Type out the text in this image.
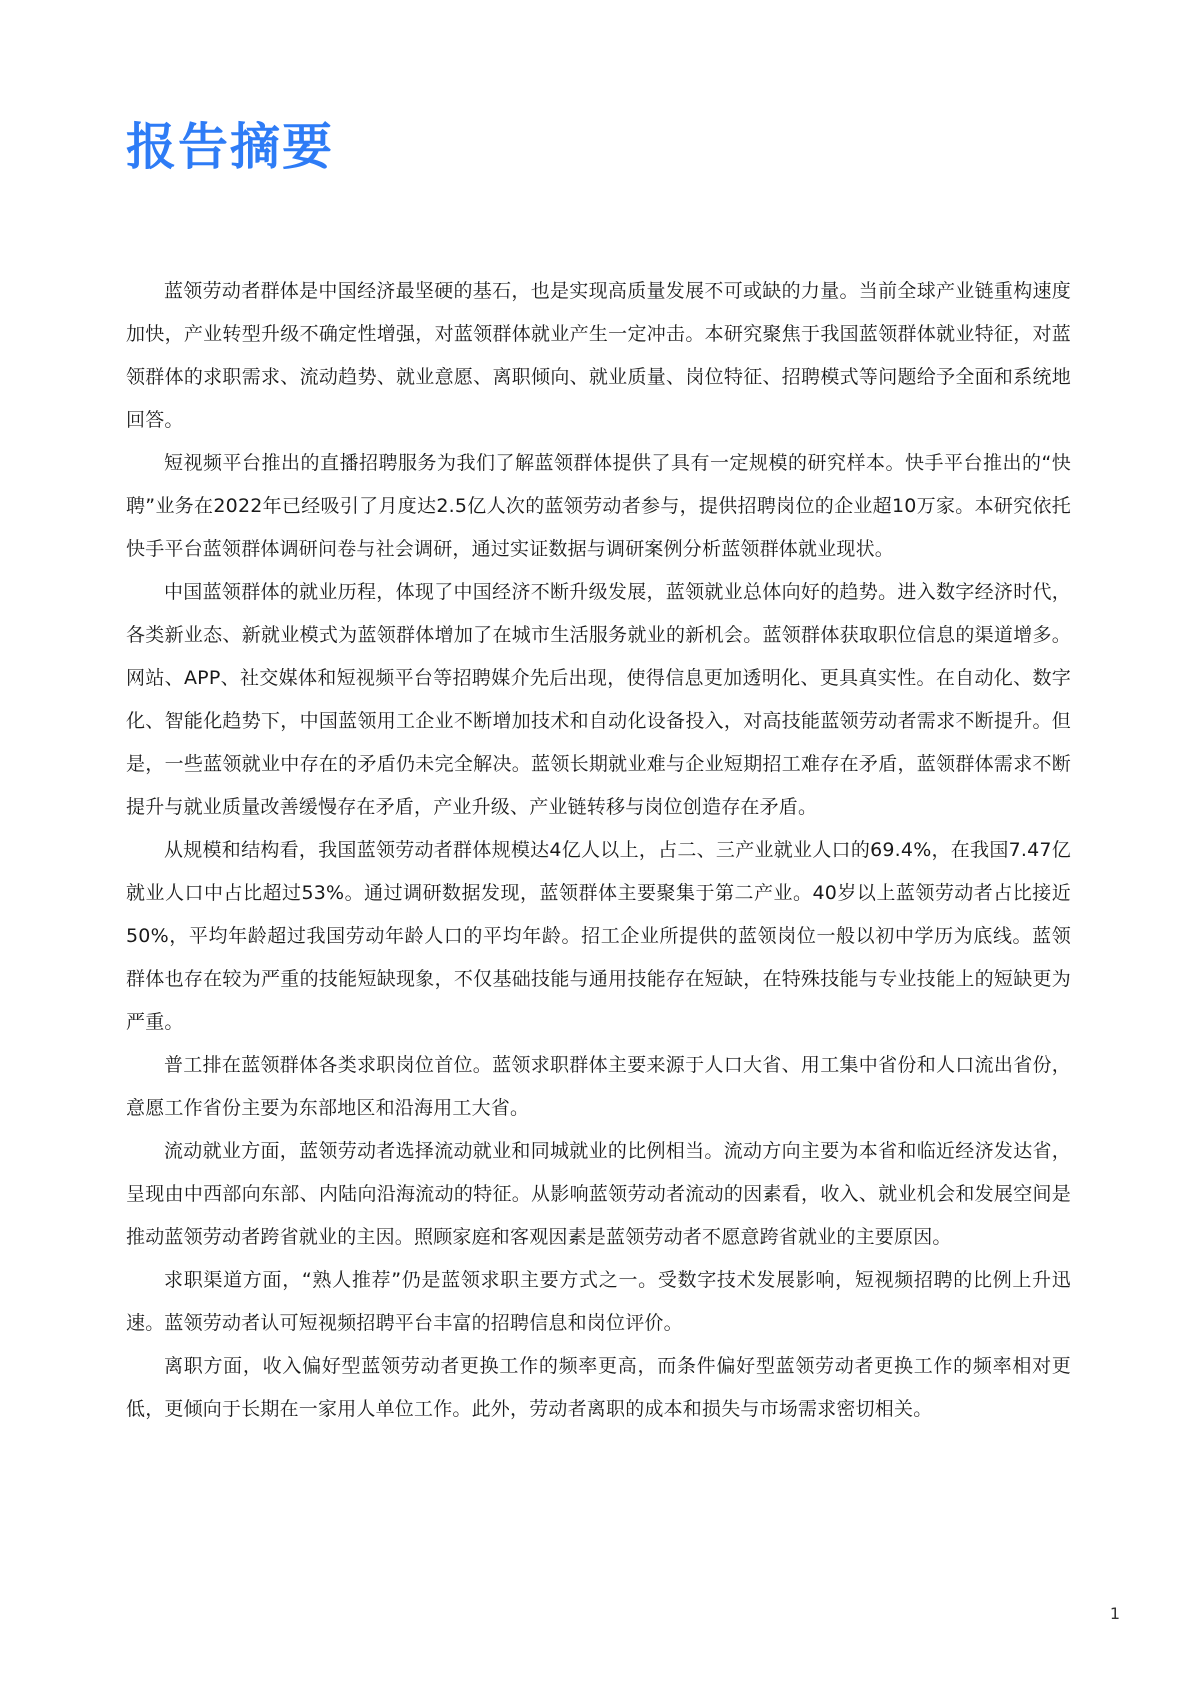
报告摘要

蓝领劳动者群体是中国经济最坚硬的基石，也是实现高质量发展不可或缺的力量。当前全球产业链重构速度加快，产业转型升级不确定性增强，对蓝领群体就业产生一定冲击。本研究聚焦于我国蓝领群体就业特征，对蓝领群体的求职需求、流动趋势、就业意愿、离职倾向、就业质量、岗位特征、招聘模式等问题给予全面和系统地回答。

短视频平台推出的直播招聘服务为我们了解蓝领群体提供了具有一定规模的研究样本。快手平台推出的“快聘”业务在2022年已经吸引了月度达2.5亿人次的蓝领劳动者参与，提供招聘岗位的企业超10万家。本研究依托快手平台蓝领群体调研问卷与社会调研，通过实证数据与调研案例分析蓝领群体就业现状。

中国蓝领群体的就业历程，体现了中国经济不断升级发展，蓝领就业总体向好的趋势。进入数字经济时代，各类新业态、新就业模式为蓝领群体增加了在城市生活服务就业的新机会。蓝领群体获取职位信息的渠道增多。网站、APP、社交媒体和短视频平台等招聘媒介先后出现，使得信息更加透明化、更具真实性。在自动化、数字化、智能化趋势下，中国蓝领用工企业不断增加技术和自动化设备投入，对高技能蓝领劳动者需求不断提升。但是，一些蓝领就业中存在的矛盾仍未完全解决。蓝领长期就业难与企业短期招工难存在矛盾，蓝领群体需求不断提升与就业质量改善缓慢存在矛盾，产业升级、产业链转移与岗位创造存在矛盾。

从规模和结构看，我国蓝领劳动者群体规模达4亿人以上，占二、三产业就业人口的69.4%，在我国7.47亿就业人口中占比超过53%。通过调研数据发现，蓝领群体主要聚集于第二产业。40岁以上蓝领劳动者占比接近50%，平均年龄超过我国劳动年龄人口的平均年龄。招工企业所提供的蓝领岗位一般以初中学历为底线。蓝领群体也存在较为严重的技能短缺现象，不仅基础技能与通用技能存在短缺，在特殊技能与专业技能上的短缺更为严重。

普工排在蓝领群体各类求职岗位首位。蓝领求职群体主要来源于人口大省、用工集中省份和人口流出省份，意愿工作省份主要为东部地区和沿海用工大省。

流动就业方面，蓝领劳动者选择流动就业和同城就业的比例相当。流动方向主要为本省和临近经济发达省，呈现由中西部向东部、内陆向沿海流动的特征。从影响蓝领劳动者流动的因素看，收入、就业机会和发展空间是推动蓝领劳动者跨省就业的主因。照顾家庭和客观因素是蓝领劳动者不愿意跨省就业的主要原因。

求职渠道方面，“熟人推荐”仍是蓝领求职主要方式之一。受数字技术发展影响，短视频招聘的比例上升迅速。蓝领劳动者认可短视频招聘平台丰富的招聘信息和岗位评价。

离职方面，收入偏好型蓝领劳动者更换工作的频率更高，而条件偏好型蓝领劳动者更换工作的频率相对更低，更倾向于长期在一家用人单位工作。此外，劳动者离职的成本和损失与市场需求密切相关。

1
